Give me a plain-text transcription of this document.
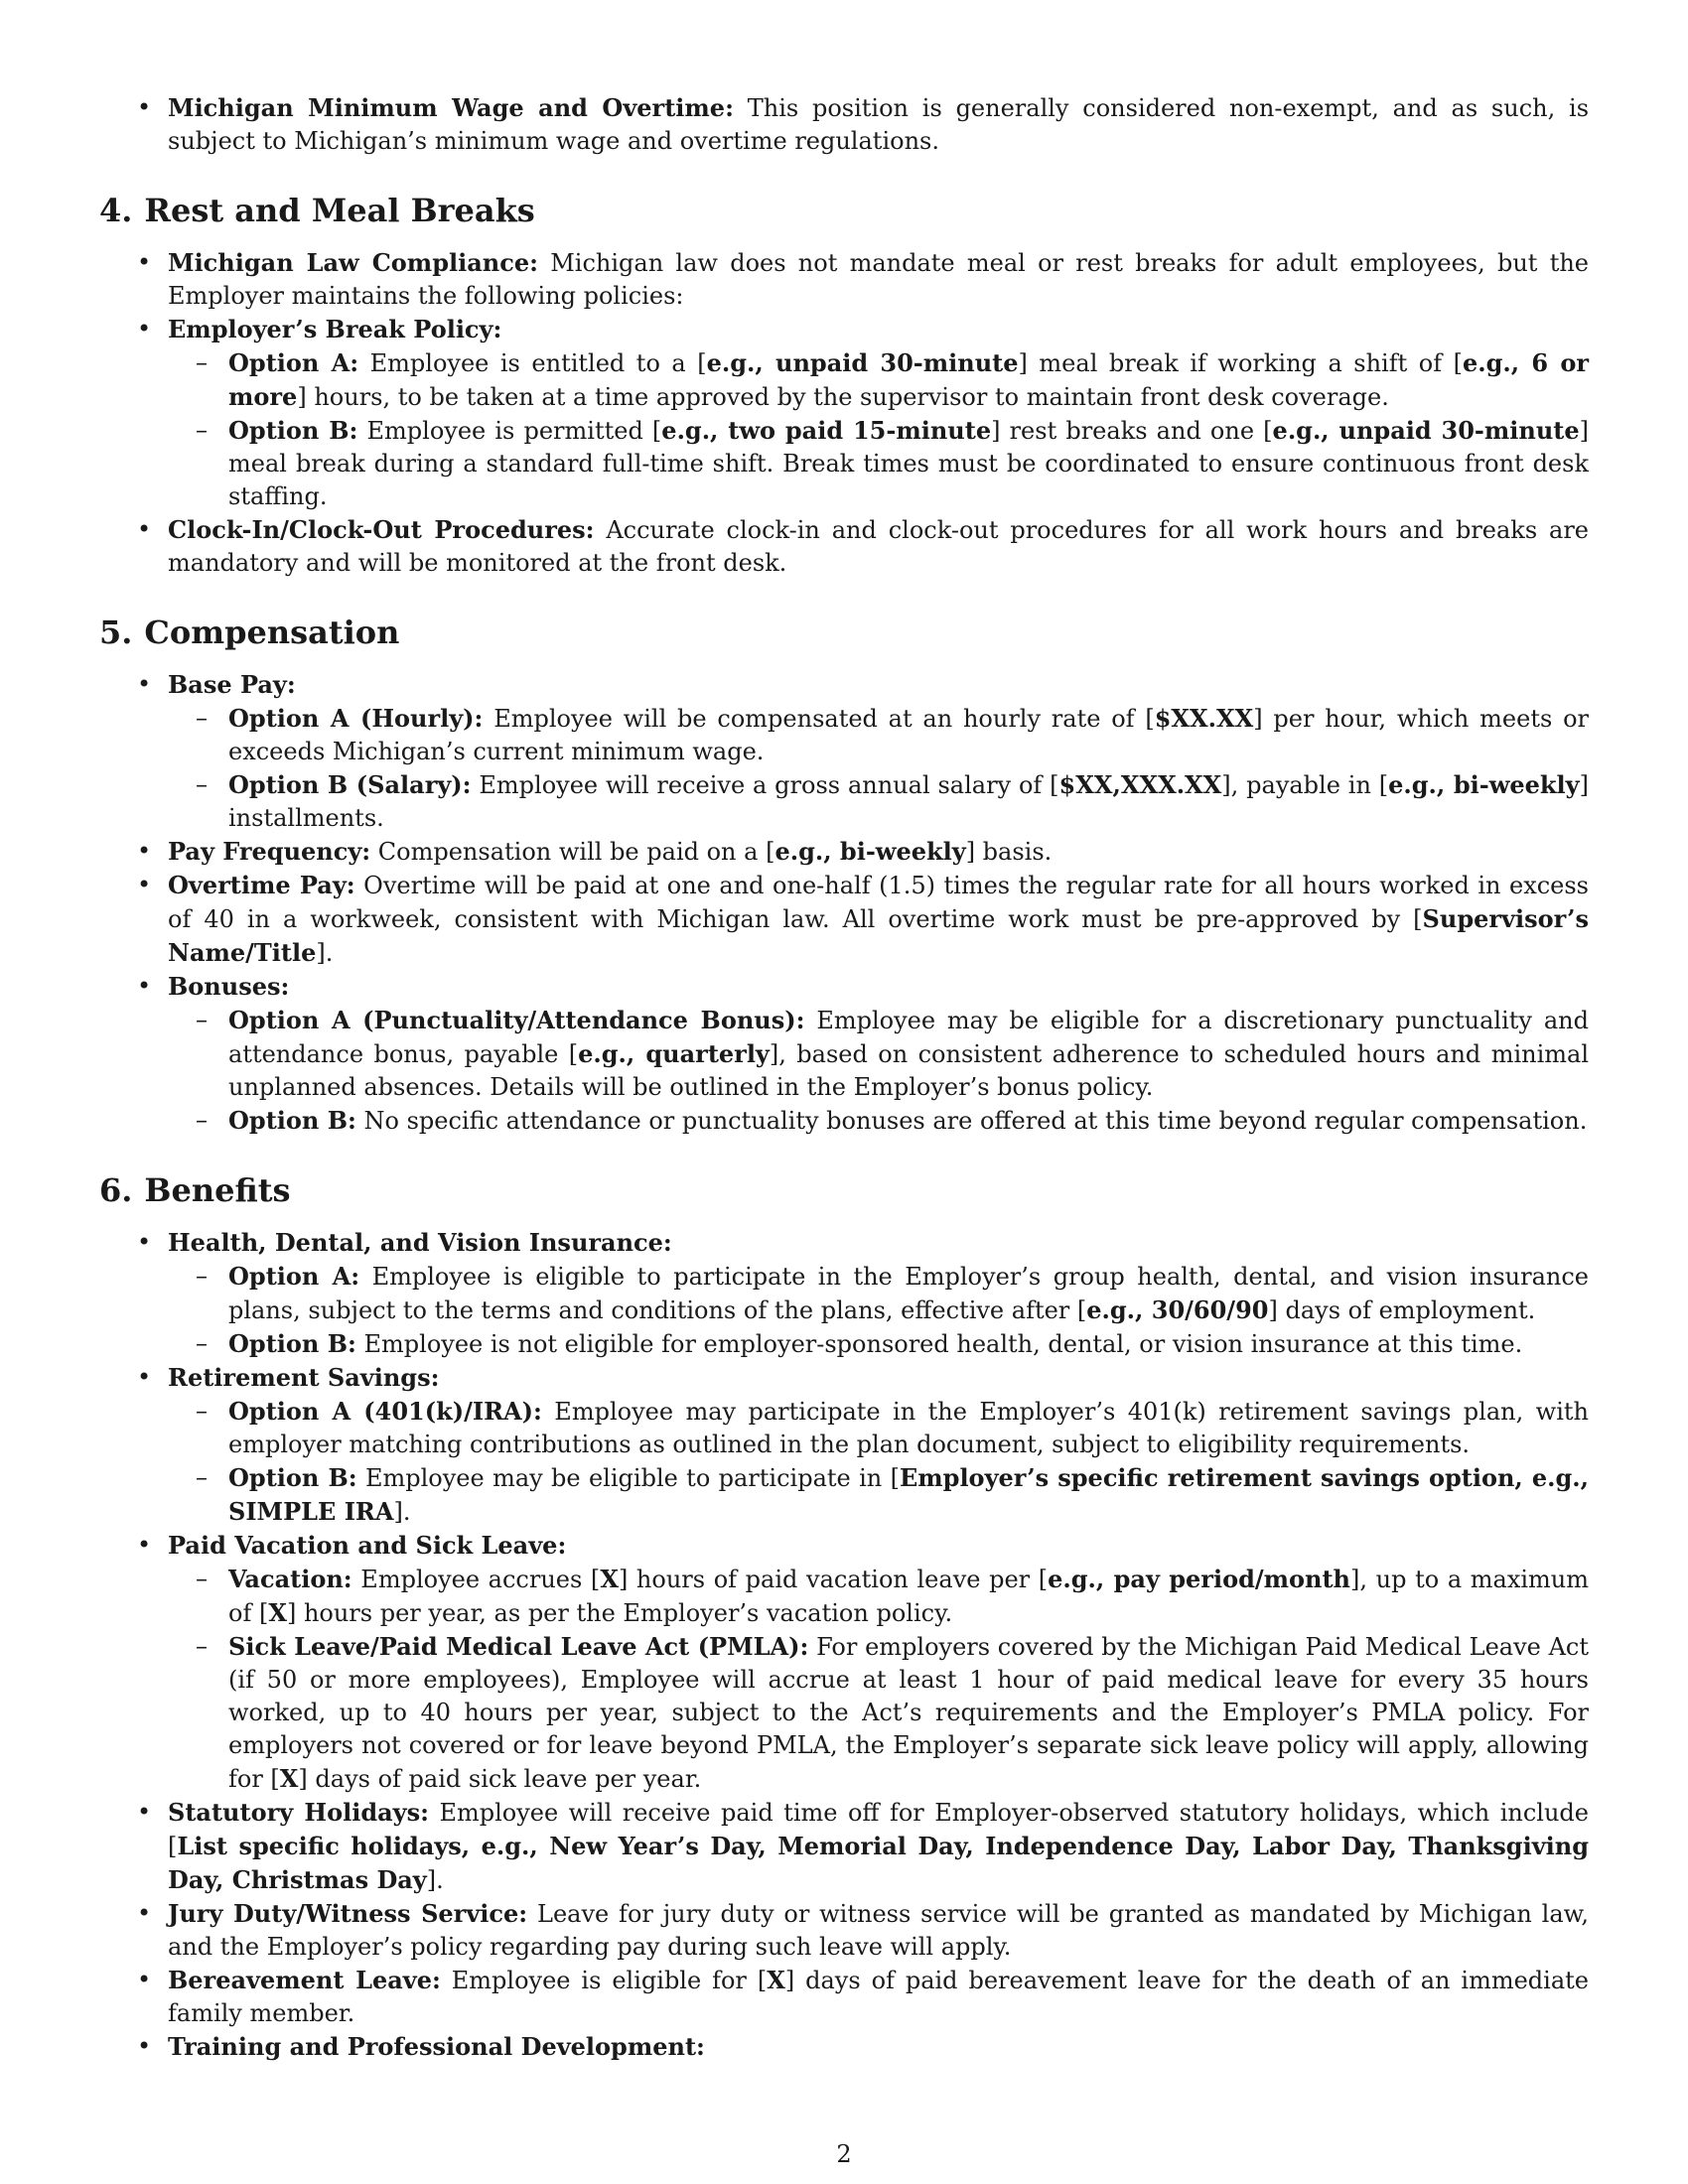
• Michigan Minimum Wage and Overtime: This position is generally considered non-exempt, and as such, is subject to Michigan’s minimum wage and overtime regulations.
4. Rest and Meal Breaks
• Michigan Law Compliance: Michigan law does not mandate meal or rest breaks for adult employees, but the Employer maintains the following policies:
• Employer’s Break Policy:
– Option A: Employee is entitled to a [e.g., unpaid 30-minute] meal break if working a shift of [e.g., 6 or more] hours, to be taken at a time approved by the supervisor to maintain front desk coverage.
– Option B: Employee is permitted [e.g., two paid 15-minute] rest breaks and one [e.g., unpaid 30-minute] meal break during a standard full-time shift. Break times must be coordinated to ensure continuous front desk staffing.
• Clock-In/Clock-Out Procedures: Accurate clock-in and clock-out procedures for all work hours and breaks are mandatory and will be monitored at the front desk.
5. Compensation
• Base Pay:
– Option A (Hourly): Employee will be compensated at an hourly rate of [$XX.XX] per hour, which meets or exceeds Michigan’s current minimum wage.
– Option B (Salary): Employee will receive a gross annual salary of [$XX,XXX.XX], payable in [e.g., bi-weekly] installments.
• Pay Frequency: Compensation will be paid on a [e.g., bi-weekly] basis.
• Overtime Pay: Overtime will be paid at one and one-half (1.5) times the regular rate for all hours worked in excess of 40 in a workweek, consistent with Michigan law. All overtime work must be pre-approved by [Supervisor’s Name/Title].
• Bonuses:
– Option A (Punctuality/Attendance Bonus): Employee may be eligible for a discretionary punctuality and attendance bonus, payable [e.g., quarterly], based on consistent adherence to scheduled hours and minimal unplanned absences. Details will be outlined in the Employer’s bonus policy.
– Option B: No specific attendance or punctuality bonuses are offered at this time beyond regular compensation.
6. Benefits
• Health, Dental, and Vision Insurance:
– Option A: Employee is eligible to participate in the Employer’s group health, dental, and vision insurance plans, subject to the terms and conditions of the plans, effective after [e.g., 30/60/90] days of employment.
– Option B: Employee is not eligible for employer-sponsored health, dental, or vision insurance at this time.
• Retirement Savings:
– Option A (401(k)/IRA): Employee may participate in the Employer’s 401(k) retirement savings plan, with employer matching contributions as outlined in the plan document, subject to eligibility requirements.
– Option B: Employee may be eligible to participate in [Employer’s specific retirement savings option, e.g., SIMPLE IRA].
• Paid Vacation and Sick Leave:
– Vacation: Employee accrues [X] hours of paid vacation leave per [e.g., pay period/month], up to a maximum of [X] hours per year, as per the Employer’s vacation policy.
– Sick Leave/Paid Medical Leave Act (PMLA): For employers covered by the Michigan Paid Medical Leave Act (if 50 or more employees), Employee will accrue at least 1 hour of paid medical leave for every 35 hours worked, up to 40 hours per year, subject to the Act’s requirements and the Employer’s PMLA policy. For employers not covered or for leave beyond PMLA, the Employer’s separate sick leave policy will apply, allowing for [X] days of paid sick leave per year.
• Statutory Holidays: Employee will receive paid time off for Employer-observed statutory holidays, which include [List specific holidays, e.g., New Year’s Day, Memorial Day, Independence Day, Labor Day, Thanksgiving Day, Christmas Day].
• Jury Duty/Witness Service: Leave for jury duty or witness service will be granted as mandated by Michigan law, and the Employer’s policy regarding pay during such leave will apply.
• Bereavement Leave: Employee is eligible for [X] days of paid bereavement leave for the death of an immediate family member.
• Training and Professional Development:
2
